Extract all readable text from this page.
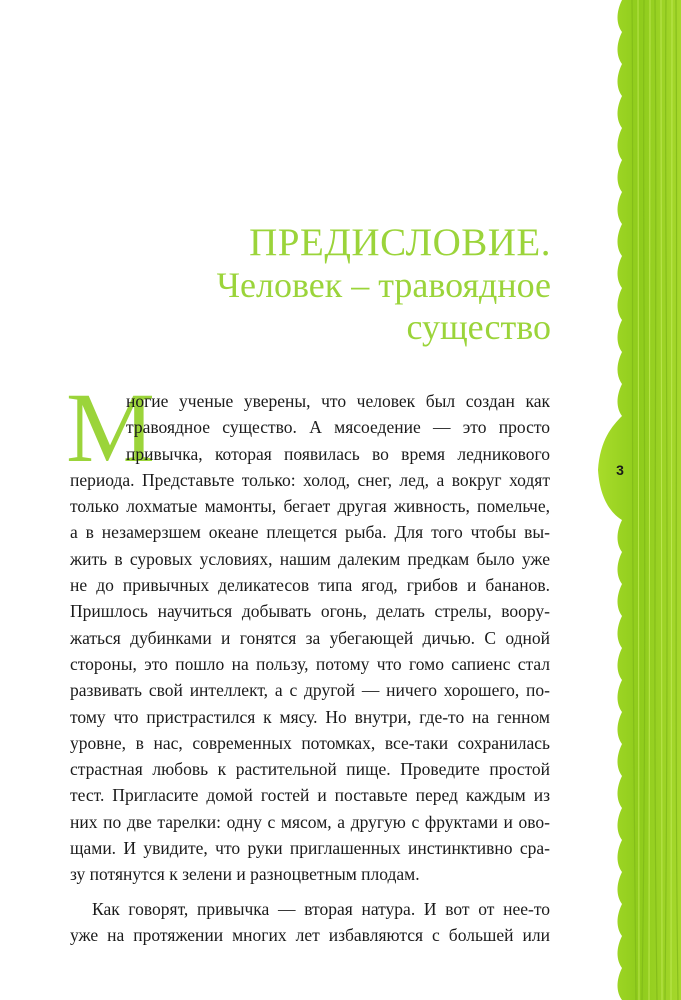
3
ПРЕДИСЛОВИЕ.
Человек – травоядное
существо
М
ногие ученые уверены, что человек был создан как
травоядное существо. А мясоедение — это просто
привычка, которая появилась во время ледникового
периода. Представьте только: холод, снег, лед, а вокруг ходят
только лохматые мамонты, бегает другая живность, помельче,
а в незамерзшем океане плещется рыба. Для того чтобы вы-
жить в суровых условиях, нашим далеким предкам было уже
не до привычных деликатесов типа ягод, грибов и бананов.
Пришлось научиться добывать огонь, делать стрелы, воору-
жаться дубинками и гонятся за убегающей дичью. С одной
стороны, это пошло на пользу, потому что гомо сапиенс стал
развивать свой интеллект, а с другой — ничего хорошего, по-
тому что пристрастился к мясу. Но внутри, где-то на генном
уровне, в нас, современных потомках, все-таки сохранилась
страстная любовь к растительной пище. Проведите простой
тест. Пригласите домой гостей и поставьте перед каждым из
них по две тарелки: одну с мясом, а другую с фруктами и ово-
щами. И увидите, что руки приглашенных инстинктивно сра-
зу потянутся к зелени и разноцветным плодам.
Как говорят, привычка — вторая натура. И вот от нее-то
уже на протяжении многих лет избавляются с большей или
